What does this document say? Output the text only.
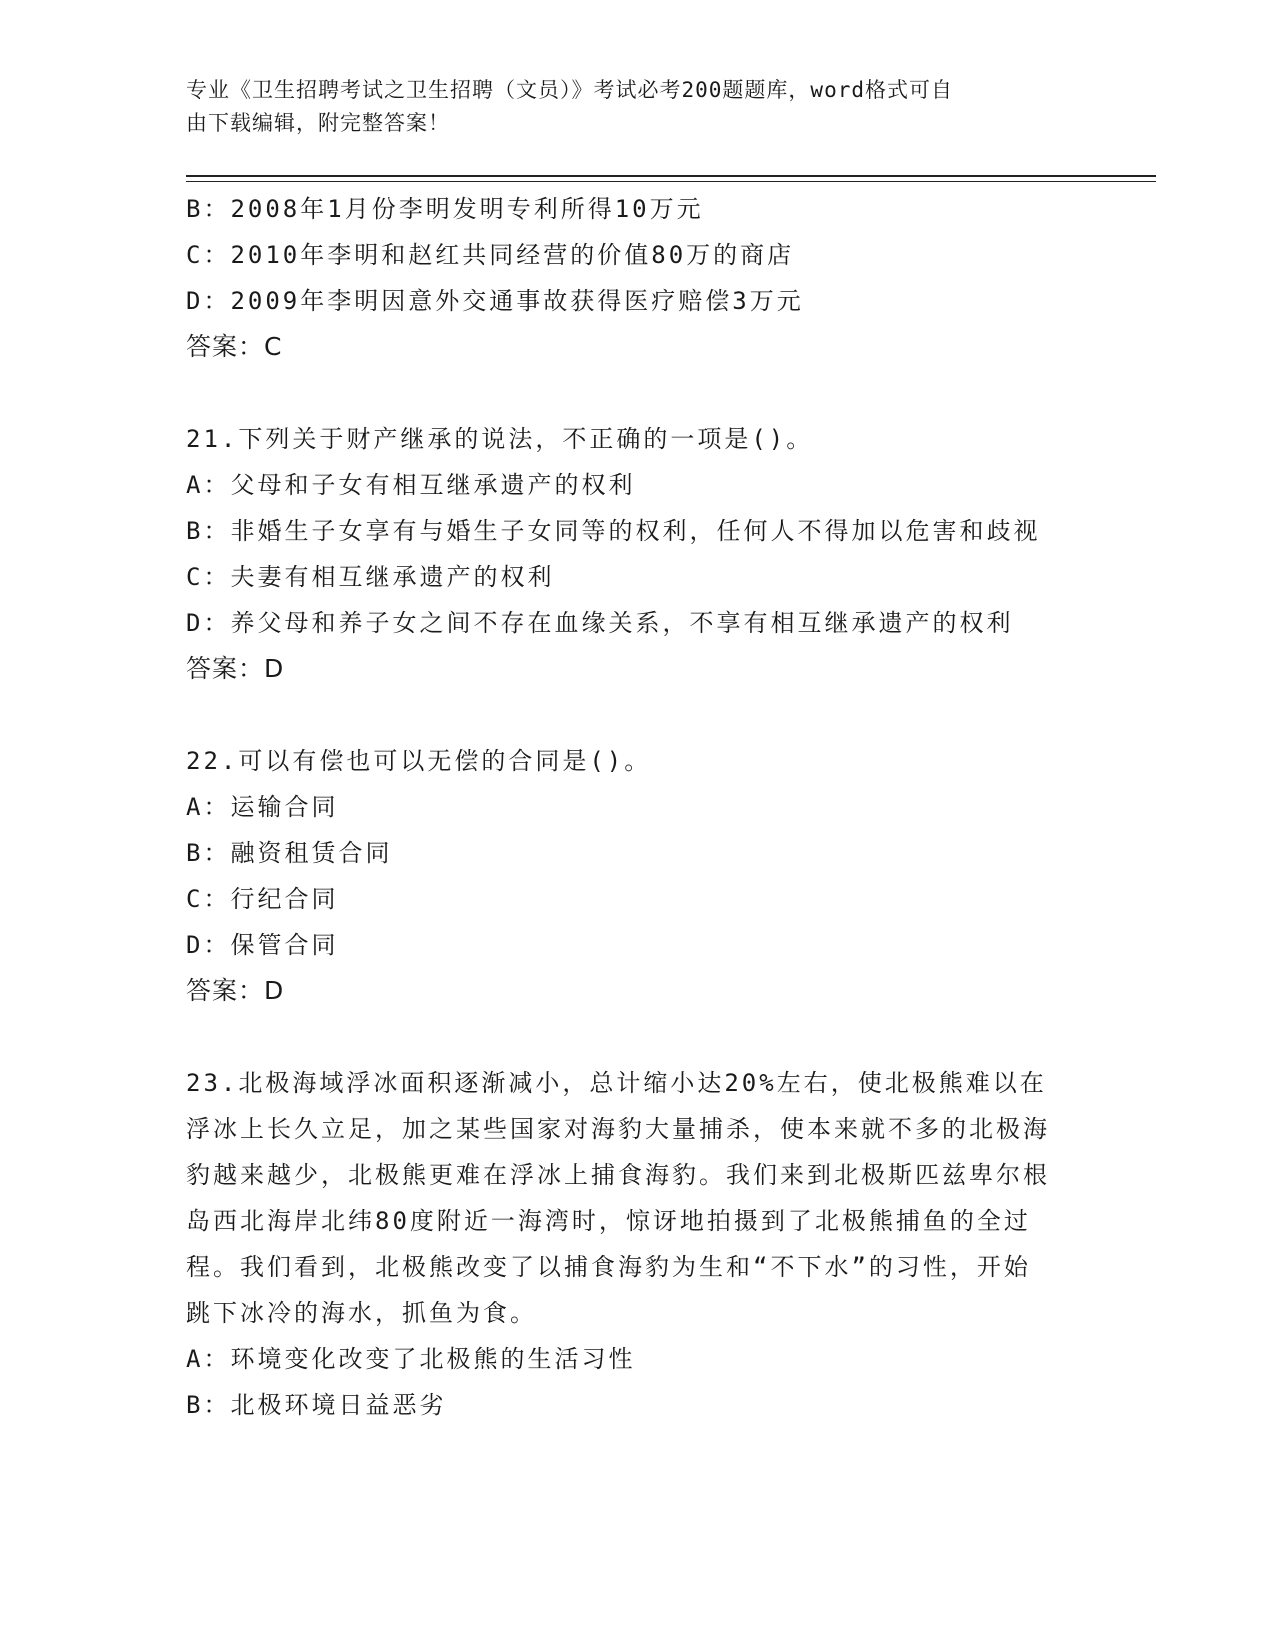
专业《卫生招聘考试之卫生招聘（文员）》考试必考200题题库，word格式可自
由下载编辑，附完整答案！
B：2008年1月份李明发明专利所得10万元
C：2010年李明和赵红共同经营的价值80万的商店
D：2009年李明因意外交通事故获得医疗赔偿3万元
答案：C
21.下列关于财产继承的说法，不正确的一项是()。
A：父母和子女有相互继承遗产的权利
B：非婚生子女享有与婚生子女同等的权利，任何人不得加以危害和歧视
C：夫妻有相互继承遗产的权利
D：养父母和养子女之间不存在血缘关系，不享有相互继承遗产的权利
答案：D
22.可以有偿也可以无偿的合同是()。
A：运输合同
B：融资租赁合同
C：行纪合同
D：保管合同
答案：D
23.北极海域浮冰面积逐渐减小，总计缩小达20%左右，使北极熊难以在浮冰上长久立足，加之某些国家对海豹大量捕杀，使本来就不多的北极海豹越来越少，北极熊更难在浮冰上捕食海豹。我们来到北极斯匹兹卑尔根岛西北海岸北纬80度附近一海湾时，惊讶地拍摄到了北极熊捕鱼的全过程。我们看到，北极熊改变了以捕食海豹为生和“不下水”的习性，开始跳下冰冷的海水，抓鱼为食。
A：环境变化改变了北极熊的生活习性
B：北极环境日益恶劣
